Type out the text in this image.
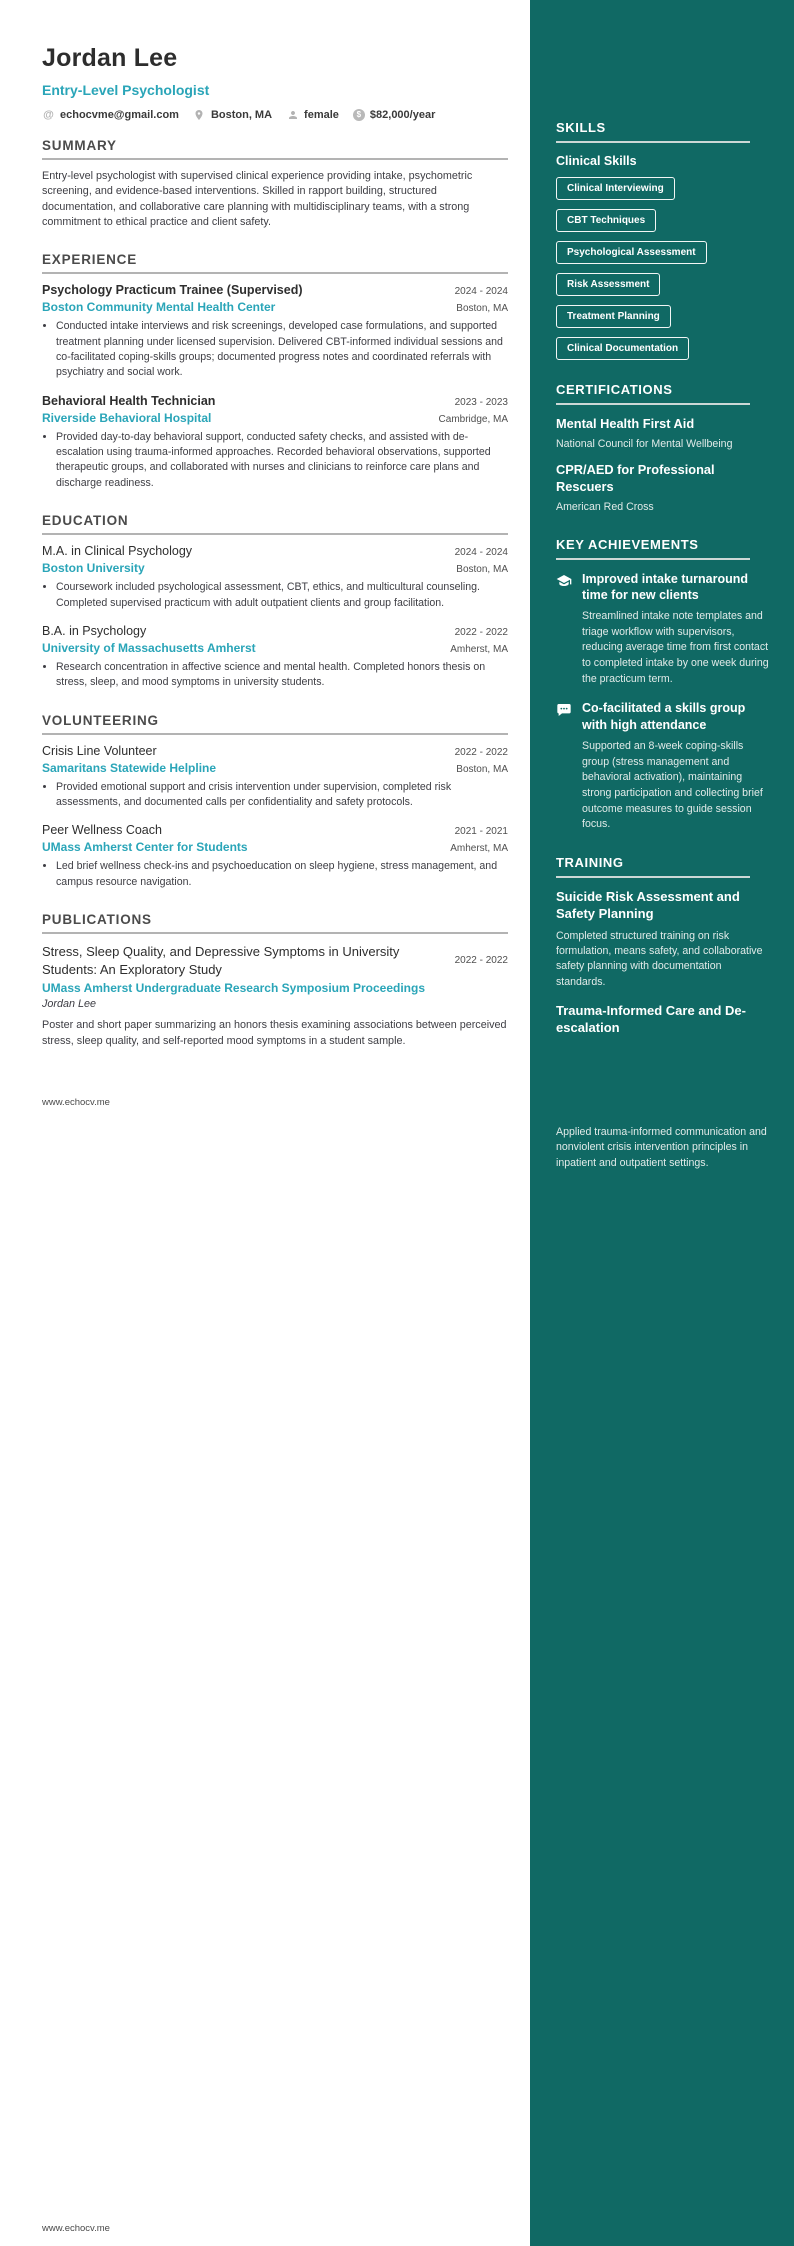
Jordan Lee
Entry-Level Psychologist
@ echocvme@gmail.com	Boston, MA	female	$ $82,000/year
SUMMARY

Entry-level psychologist with supervised clinical experience providing intake, psychometric screening, and evidence-based interventions. Skilled in rapport building, structured documentation, and collaborative care planning with multidisciplinary teams, with a strong commitment to ethical practice and client safety.

EXPERIENCE
Psychology Practicum Trainee (Supervised)	2024 - 2024
Boston Community Mental Health Center	Boston, MA
• Conducted intake interviews and risk screenings, developed case formulations, and supported treatment planning under licensed supervision. Delivered CBT-informed individual sessions and co-facilitated coping-skills groups; documented progress notes and coordinated referrals with psychiatry and social work.
Behavioral Health Technician	2023 - 2023
Riverside Behavioral Hospital	Cambridge, MA
• Provided day-to-day behavioral support, conducted safety checks, and assisted with de-escalation using trauma-informed approaches. Recorded behavioral observations, supported therapeutic groups, and collaborated with nurses and clinicians to reinforce care plans and discharge readiness.
EDUCATION
M.A. in Clinical Psychology	2024 - 2024
Boston University	Boston, MA
• Coursework included psychological assessment, CBT, ethics, and multicultural counseling. Completed supervised practicum with adult outpatient clients and group facilitation.
B.A. in Psychology	2022 - 2022
University of Massachusetts Amherst	Amherst, MA
• Research concentration in affective science and mental health. Completed honors thesis on stress, sleep, and mood symptoms in university students.
VOLUNTEERING
Crisis Line Volunteer	2022 - 2022
Samaritans Statewide Helpline	Boston, MA
• Provided emotional support and crisis intervention under supervision, completed risk assessments, and documented calls per confidentiality and safety protocols.
Peer Wellness Coach	2021 - 2021
UMass Amherst Center for Students	Amherst, MA
• Led brief wellness check-ins and psychoeducation on sleep hygiene, stress management, and campus resource navigation.
PUBLICATIONS
Stress, Sleep Quality, and Depressive Symptoms in University Students: An Exploratory Study
2022 - 2022
UMass Amherst Undergraduate Research Symposium Proceedings
Jordan Lee

Poster and short paper summarizing an honors thesis examining associations between perceived stress, sleep quality, and self-reported mood symptoms in a student sample.

SKILLS
Clinical Skills
Clinical Interviewing
CBT Techniques
Psychological Assessment
Risk Assessment
Treatment Planning
Clinical Documentation
CERTIFICATIONS
Mental Health First Aid
National Council for Mental Wellbeing
CPR/AED for Professional Rescuers
American Red Cross
KEY ACHIEVEMENTS
Improved intake turnaround time for new clients
Streamlined intake note templates and triage workflow with supervisors, reducing average time from first contact to completed intake by one week during the practicum term.
Co-facilitated a skills group with high attendance
Supported an 8-week coping-skills group (stress management and behavioral activation), maintaining strong participation and collecting brief outcome measures to guide session focus.
TRAINING
Suicide Risk Assessment and Safety Planning
Completed structured training on risk formulation, means safety, and collaborative safety planning with documentation standards.
Trauma-Informed Care and De-escalation
Applied trauma-informed communication and nonviolent crisis intervention principles in inpatient and outpatient settings.
www.echocv.me
www.echocv.me
